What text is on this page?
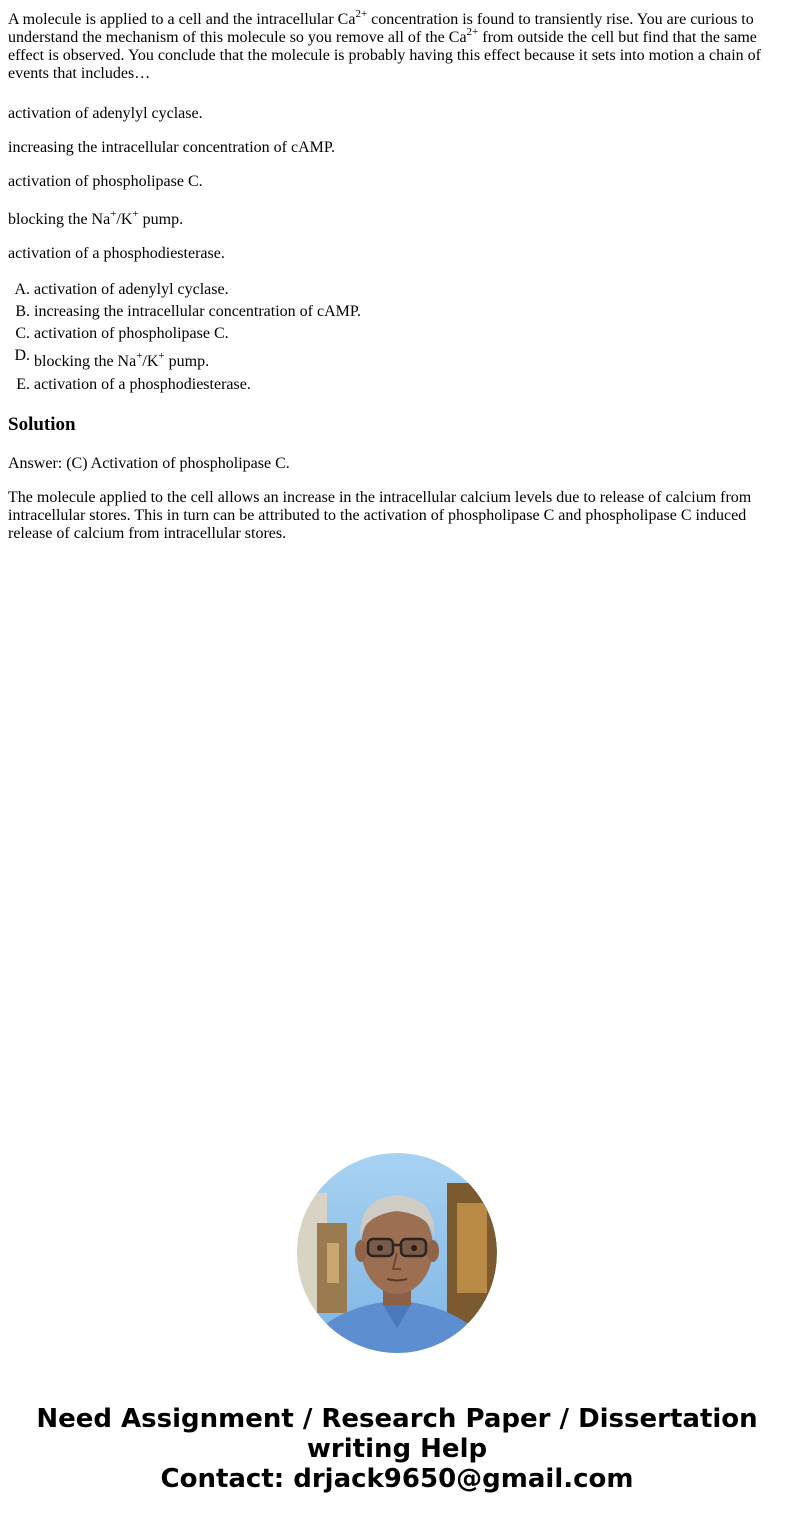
A molecule is applied to a cell and the intracellular $Ca^{2+}$ concentration is found to transiently rise. You are curious to understand the mechanism of this molecule so you remove all of the $Ca^{2+}$ from outside the cell but find that the same effect is observed. You conclude that the molecule is probably having this effect because it sets into motion a chain of events that includes…

activation of adenylyl cyclase.

increasing the intracellular concentration of cAMP.

activation of phospholipase C.

blocking the Na+/K+ pump.

activation of a phosphodiesterase.

A. activation of adenylyl cyclase.
B. increasing the intracellular concentration of cAMP.
C. activation of phospholipase C.
D. blocking the Na+/K+ pump.
E. activation of a phosphodiesterase.
Solution

Answer: (C) Activation of phospholipase C.

The molecule applied to the cell allows an increase in the intracellular calcium levels due to release of calcium from intracellular stores. This in turn can be attributed to the activation of phospholipase C and phospholipase C induced release of calcium from intracellular stores.

Need Assignment / Research Paper / Dissertation
writing Help
Contact: drjack9650@gmail.com
